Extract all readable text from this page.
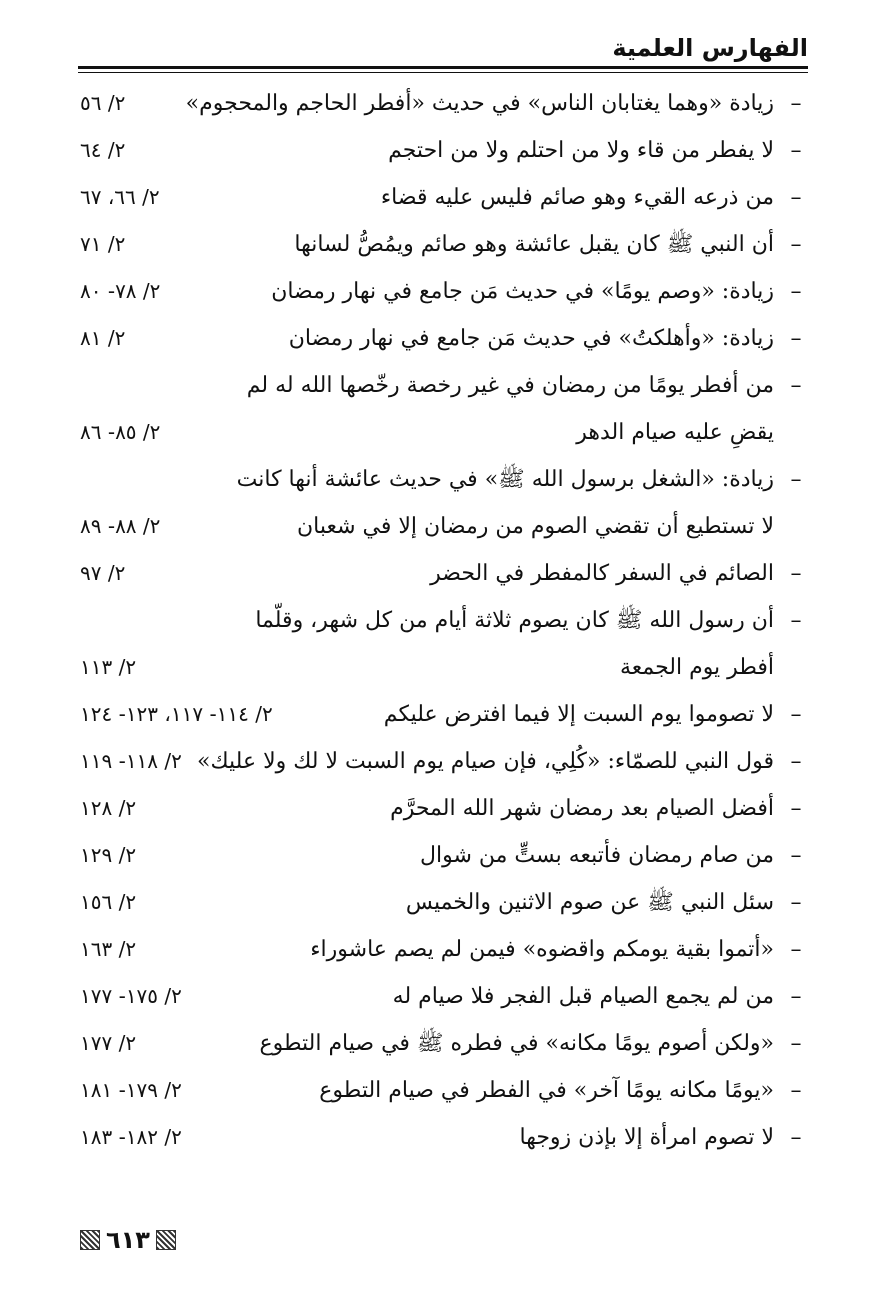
الفهارس العلمية
–
زيادة «وهما يغتابان الناس» في حديث «أفطر الحاجم والمحجوم»
٢/ ٥٦
–
لا يفطر من قاء ولا من احتلم ولا من احتجم
٢/ ٦٤
–
من ذرعه القيء وهو صائم فليس عليه قضاء
٢/ ٦٦، ٦٧
–
أن النبي ﷺ كان يقبل عائشة وهو صائم ويمُصُّ لسانها
٢/ ٧١
–
زيادة: «وصم يومًا» في حديث مَن جامع في نهار رمضان
٢/ ٧٨- ٨٠
–
زيادة: «وأهلكتُ» في حديث مَن جامع في نهار رمضان
٢/ ٨١
–
من أفطر يومًا من رمضان في غير رخصة رخّصها الله له لم
يقضِ عليه صيام الدهر
٢/ ٨٥- ٨٦
–
زيادة: «الشغل برسول الله ﷺ» في حديث عائشة أنها كانت
لا تستطيع أن تقضي الصوم من رمضان إلا في شعبان
٢/ ٨٨- ٨٩
–
الصائم في السفر كالمفطر في الحضر
٢/ ٩٧
–
أن رسول الله ﷺ كان يصوم ثلاثة أيام من كل شهر، وقلّما
أفطر يوم الجمعة
٢/ ١١٣
–
لا تصوموا يوم السبت إلا فيما افترض عليكم
٢/ ١١٤- ١١٧، ١٢٣- ١٢٤
–
قول النبي للصمّاء: «كُلِي، فإن صيام يوم السبت لا لك ولا عليك»
٢/ ١١٨- ١١٩
–
أفضل الصيام بعد رمضان شهر الله المحرَّم
٢/ ١٢٨
–
من صام رمضان فأتبعه بستٍّ من شوال
٢/ ١٢٩
–
سئل النبي ﷺ عن صوم الاثنين والخميس
٢/ ١٥٦
–
«أتموا بقية يومكم واقضوه» فيمن لم يصم عاشوراء
٢/ ١٦٣
–
من لم يجمع الصيام قبل الفجر فلا صيام له
٢/ ١٧٥- ١٧٧
–
«ولكن أصوم يومًا مكانه» في فطره ﷺ في صيام التطوع
٢/ ١٧٧
–
«يومًا مكانه يومًا آخر» في الفطر في صيام التطوع
٢/ ١٧٩- ١٨١
–
لا تصوم امرأة إلا بإذن زوجها
٢/ ١٨٢- ١٨٣
٦١٣
